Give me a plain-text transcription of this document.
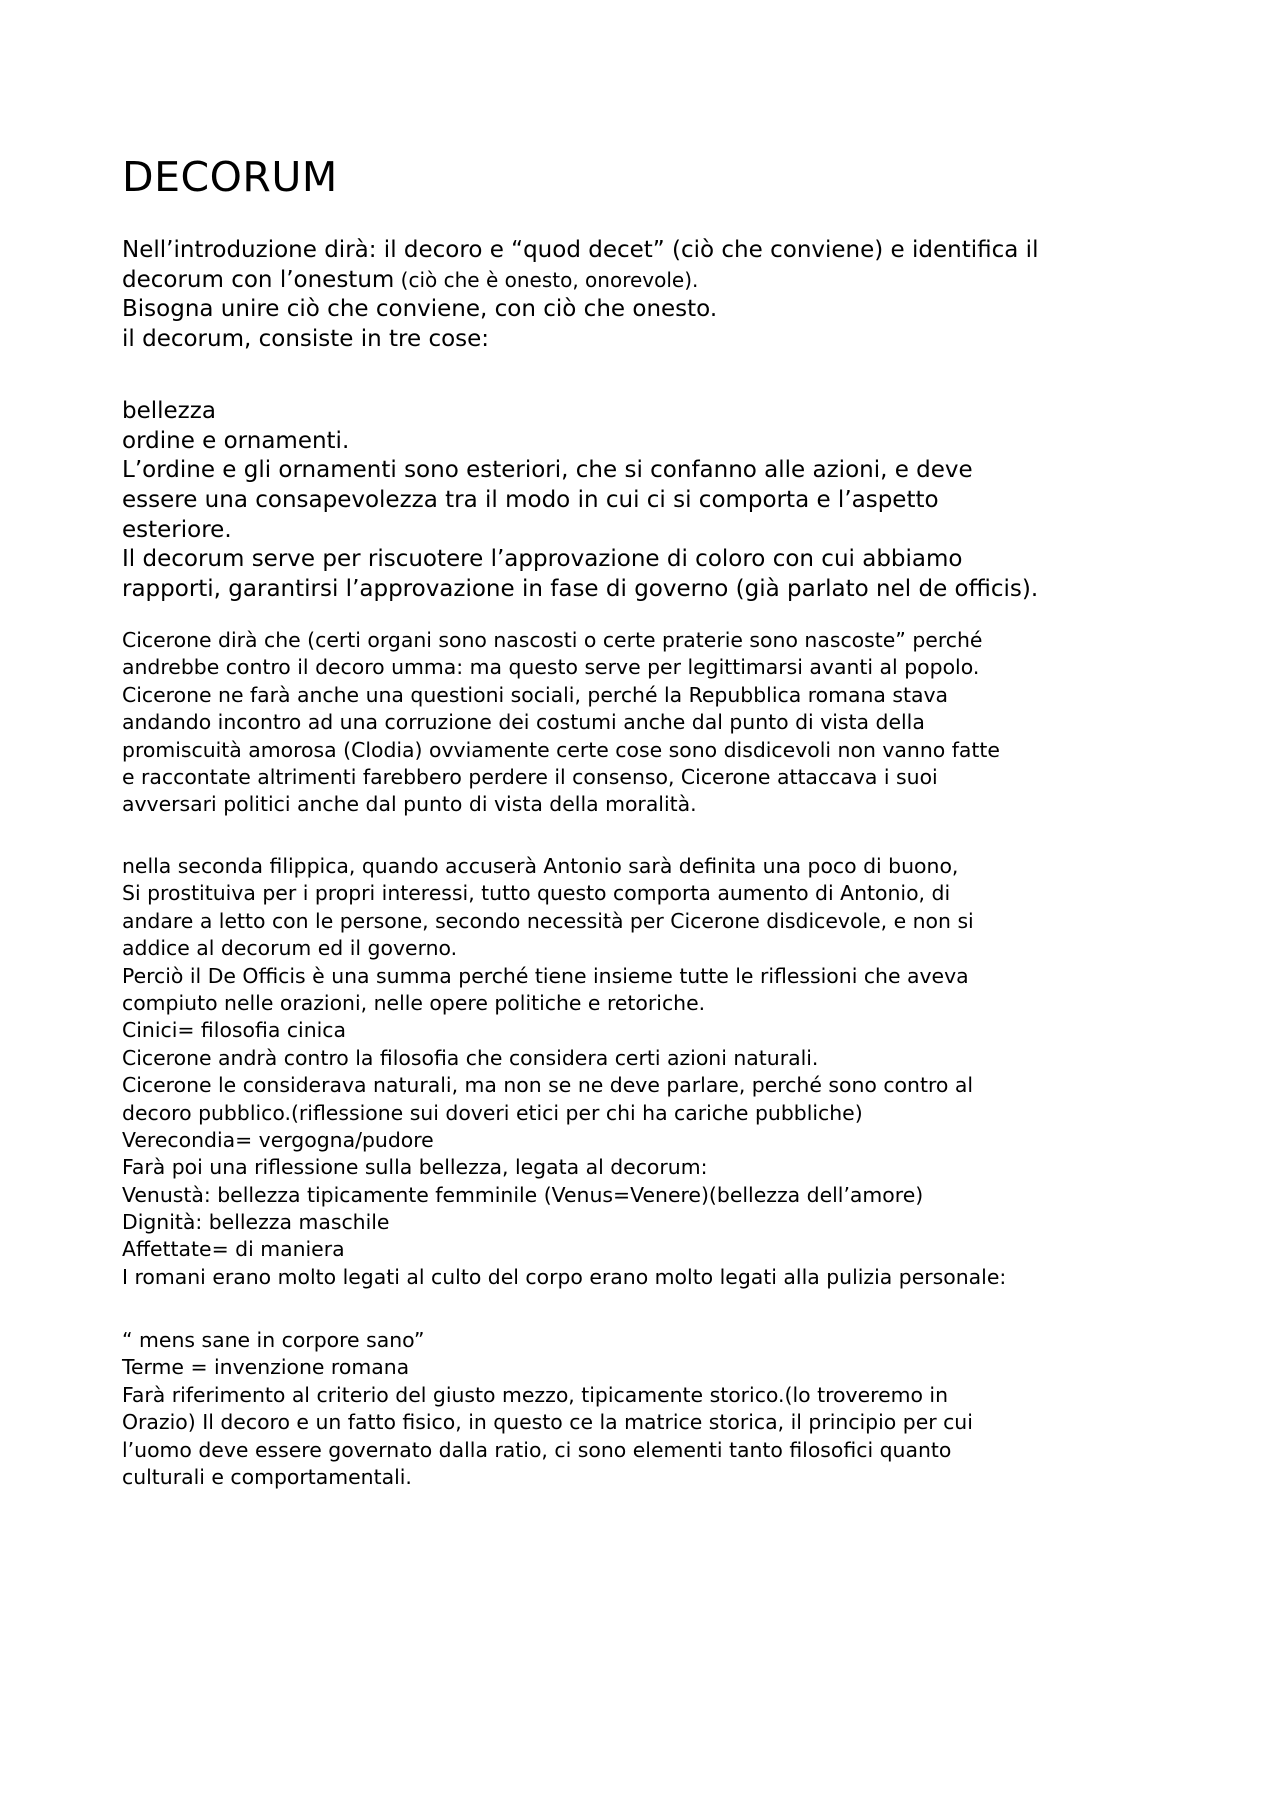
DECORUM
Nell’introduzione dirà: il decoro e “quod decet” (ciò che conviene) e identifica il
decorum con l’onestum (ciò che è onesto, onorevole).
Bisogna unire ciò che conviene, con ciò che onesto.
il decorum, consiste in tre cose:
bellezza
ordine e ornamenti.
L’ordine e gli ornamenti sono esteriori, che si confanno alle azioni, e deve
essere una consapevolezza tra il modo in cui ci si comporta e l’aspetto
esteriore.
Il decorum serve per riscuotere l’approvazione di coloro con cui abbiamo
rapporti, garantirsi l’approvazione in fase di governo (già parlato nel de officis).
Cicerone dirà che (certi organi sono nascosti o certe praterie sono nascoste” perché
andrebbe contro il decoro umma: ma questo serve per legittimarsi avanti al popolo.
Cicerone ne farà anche una questioni sociali, perché la Repubblica romana stava
andando incontro ad una corruzione dei costumi anche dal punto di vista della
promiscuità amorosa (Clodia) ovviamente certe cose sono disdicevoli non vanno fatte
e raccontate altrimenti farebbero perdere il consenso, Cicerone attaccava i suoi
avversari politici anche dal punto di vista della moralità.
nella seconda filippica, quando accuserà Antonio sarà definita una poco di buono,
Si prostituiva per i propri interessi, tutto questo comporta aumento di Antonio, di
andare a letto con le persone, secondo necessità per Cicerone disdicevole, e non si
addice al decorum ed il governo.
Perciò il De Officis è una summa perché tiene insieme tutte le riflessioni che aveva
compiuto nelle orazioni, nelle opere politiche e retoriche.
Cinici= filosofia cinica
Cicerone andrà contro la filosofia che considera certi azioni naturali.
Cicerone le considerava naturali, ma non se ne deve parlare, perché sono contro al
decoro pubblico.(riflessione sui doveri etici per chi ha cariche pubbliche)
Verecondia= vergogna/pudore
Farà poi una riflessione sulla bellezza, legata al decorum:
Venustà: bellezza tipicamente femminile (Venus=Venere)(bellezza dell’amore)
Dignità: bellezza maschile
Affettate= di maniera
I romani erano molto legati al culto del corpo erano molto legati alla pulizia personale:
“ mens sane in corpore sano”
Terme = invenzione romana
Farà riferimento al criterio del giusto mezzo, tipicamente storico.(lo troveremo in
Orazio) Il decoro e un fatto fisico, in questo ce la matrice storica, il principio per cui
l’uomo deve essere governato dalla ratio, ci sono elementi tanto filosofici quanto
culturali e comportamentali.
